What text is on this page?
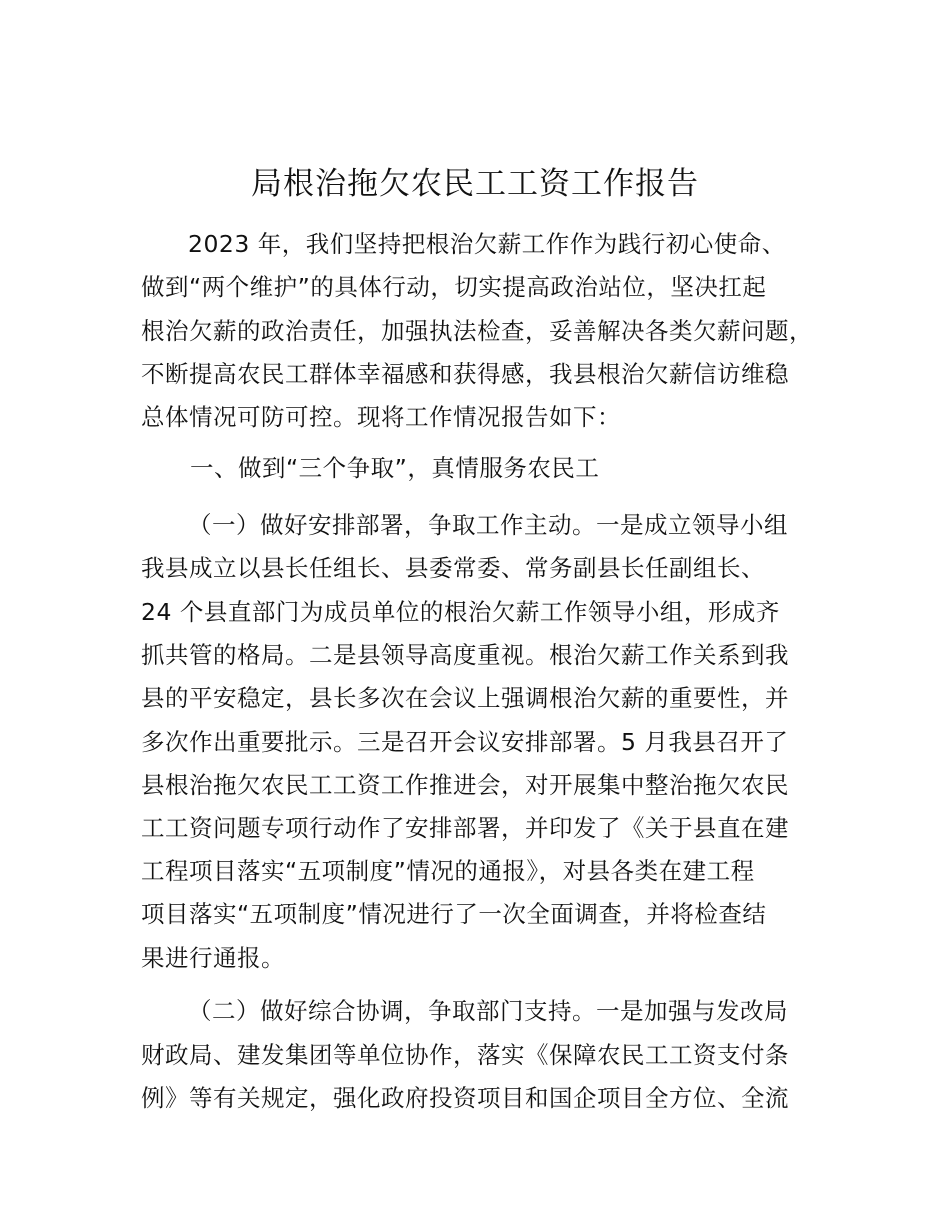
局根治拖欠农民工工资工作报告
2023 年，我们坚持把根治欠薪工作作为践行初心使命、
做到“两个维护”的具体行动，切实提高政治站位，坚决扛起
根治欠薪的政治责任，加强执法检查，妥善解决各类欠薪问题，
不断提高农民工群体幸福感和获得感，我县根治欠薪信访维稳
总体情况可防可控。现将工作情况报告如下：
一、做到“三个争取”，真情服务农民工
（一）做好安排部署，争取工作主动。一是成立领导小组
我县成立以县长任组长、县委常委、常务副县长任副组长、
24 个县直部门为成员单位的根治欠薪工作领导小组，形成齐
抓共管的格局。二是县领导高度重视。根治欠薪工作关系到我
县的平安稳定，县长多次在会议上强调根治欠薪的重要性，并
多次作出重要批示。三是召开会议安排部署。5 月我县召开了
县根治拖欠农民工工资工作推进会，对开展集中整治拖欠农民
工工资问题专项行动作了安排部署，并印发了《关于县直在建
工程项目落实“五项制度”情况的通报》，对县各类在建工程
项目落实“五项制度”情况进行了一次全面调查，并将检查结
果进行通报。
（二）做好综合协调，争取部门支持。一是加强与发改局
财政局、建发集团等单位协作，落实《保障农民工工资支付条
例》等有关规定，强化政府投资项目和国企项目全方位、全流
